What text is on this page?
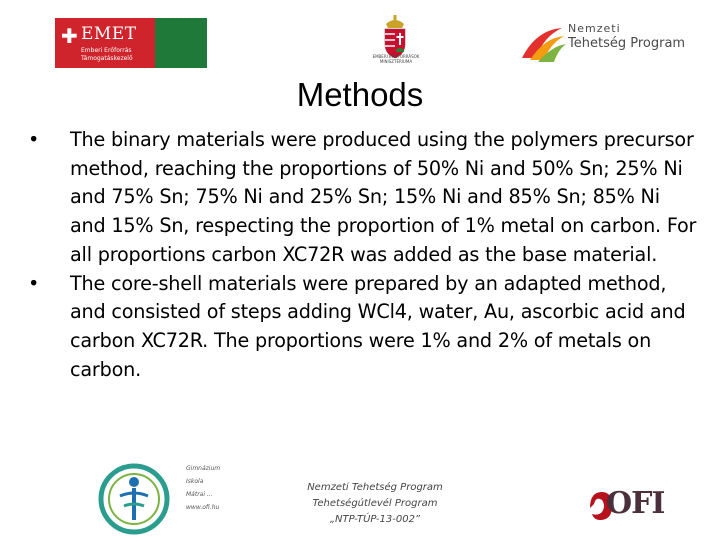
✚ EMET
Emberi Erőforrás
Támogatáskezelő	EMBERI ERŐFORRÁSOK MINISZTÉRIUMA
Nemzeti
Tehetség Program
Methods
•	The binary materials were produced using the polymers precursor method, reaching the proportions of 50% Ni and 50% Sn; 25% Ni and 75% Sn; 75% Ni and 25% Sn; 15% Ni and 85% Sn; 85% Ni and 15% Sn, respecting the proportion of 1% metal on carbon. For all proportions carbon XC72R was added as the base material.
•	The core-shell materials were prepared by an adapted method, and consisted of steps adding WCl4, water, Au, ascorbic acid and carbon XC72R. The proportions were 1% and 2% of metals on carbon.
Gimnázium
Iskola
Mátrai ...
www.ofi.hu
Nemzeti Tehetség Program
Tehetségútlevél Program
„NTP-TÚP-13-002”	OFI
